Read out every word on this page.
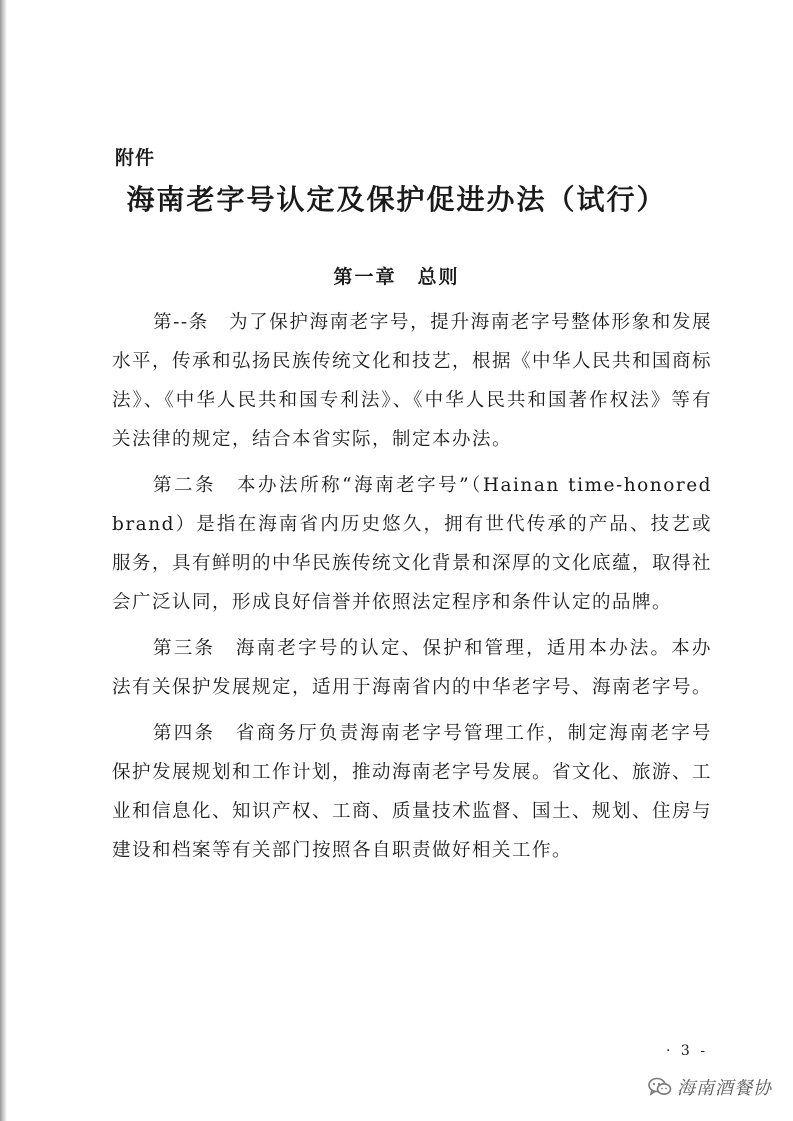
附件
海南老字号认定及保护促进办法（试行）
第一章　总则

第--条　为了保护海南老字号，提升海南老字号整体形象和发展水平，传承和弘扬民族传统文化和技艺，根据《中华人民共和国商标法》、《中华人民共和国专利法》、《中华人民共和国著作权法》等有关法律的规定，结合本省实际，制定本办法。

第二条　本办法所称“海南老字号”（Hainan time-honored brand）是指在海南省内历史悠久，拥有世代传承的产品、技艺或服务，具有鲜明的中华民族传统文化背景和深厚的文化底蕴，取得社会广泛认同，形成良好信誉并依照法定程序和条件认定的品牌。

第三条　海南老字号的认定、保护和管理，适用本办法。本办法有关保护发展规定，适用于海南省内的中华老字号、海南老字号。

第四条　省商务厅负责海南老字号管理工作，制定海南老字号保护发展规划和工作计划，推动海南老字号发展。省文化、旅游、工业和信息化、知识产权、工商、质量技术监督、国土、规划、住房与建设和档案等有关部门按照各自职责做好相关工作。

· 3 -
海南酒餐协
